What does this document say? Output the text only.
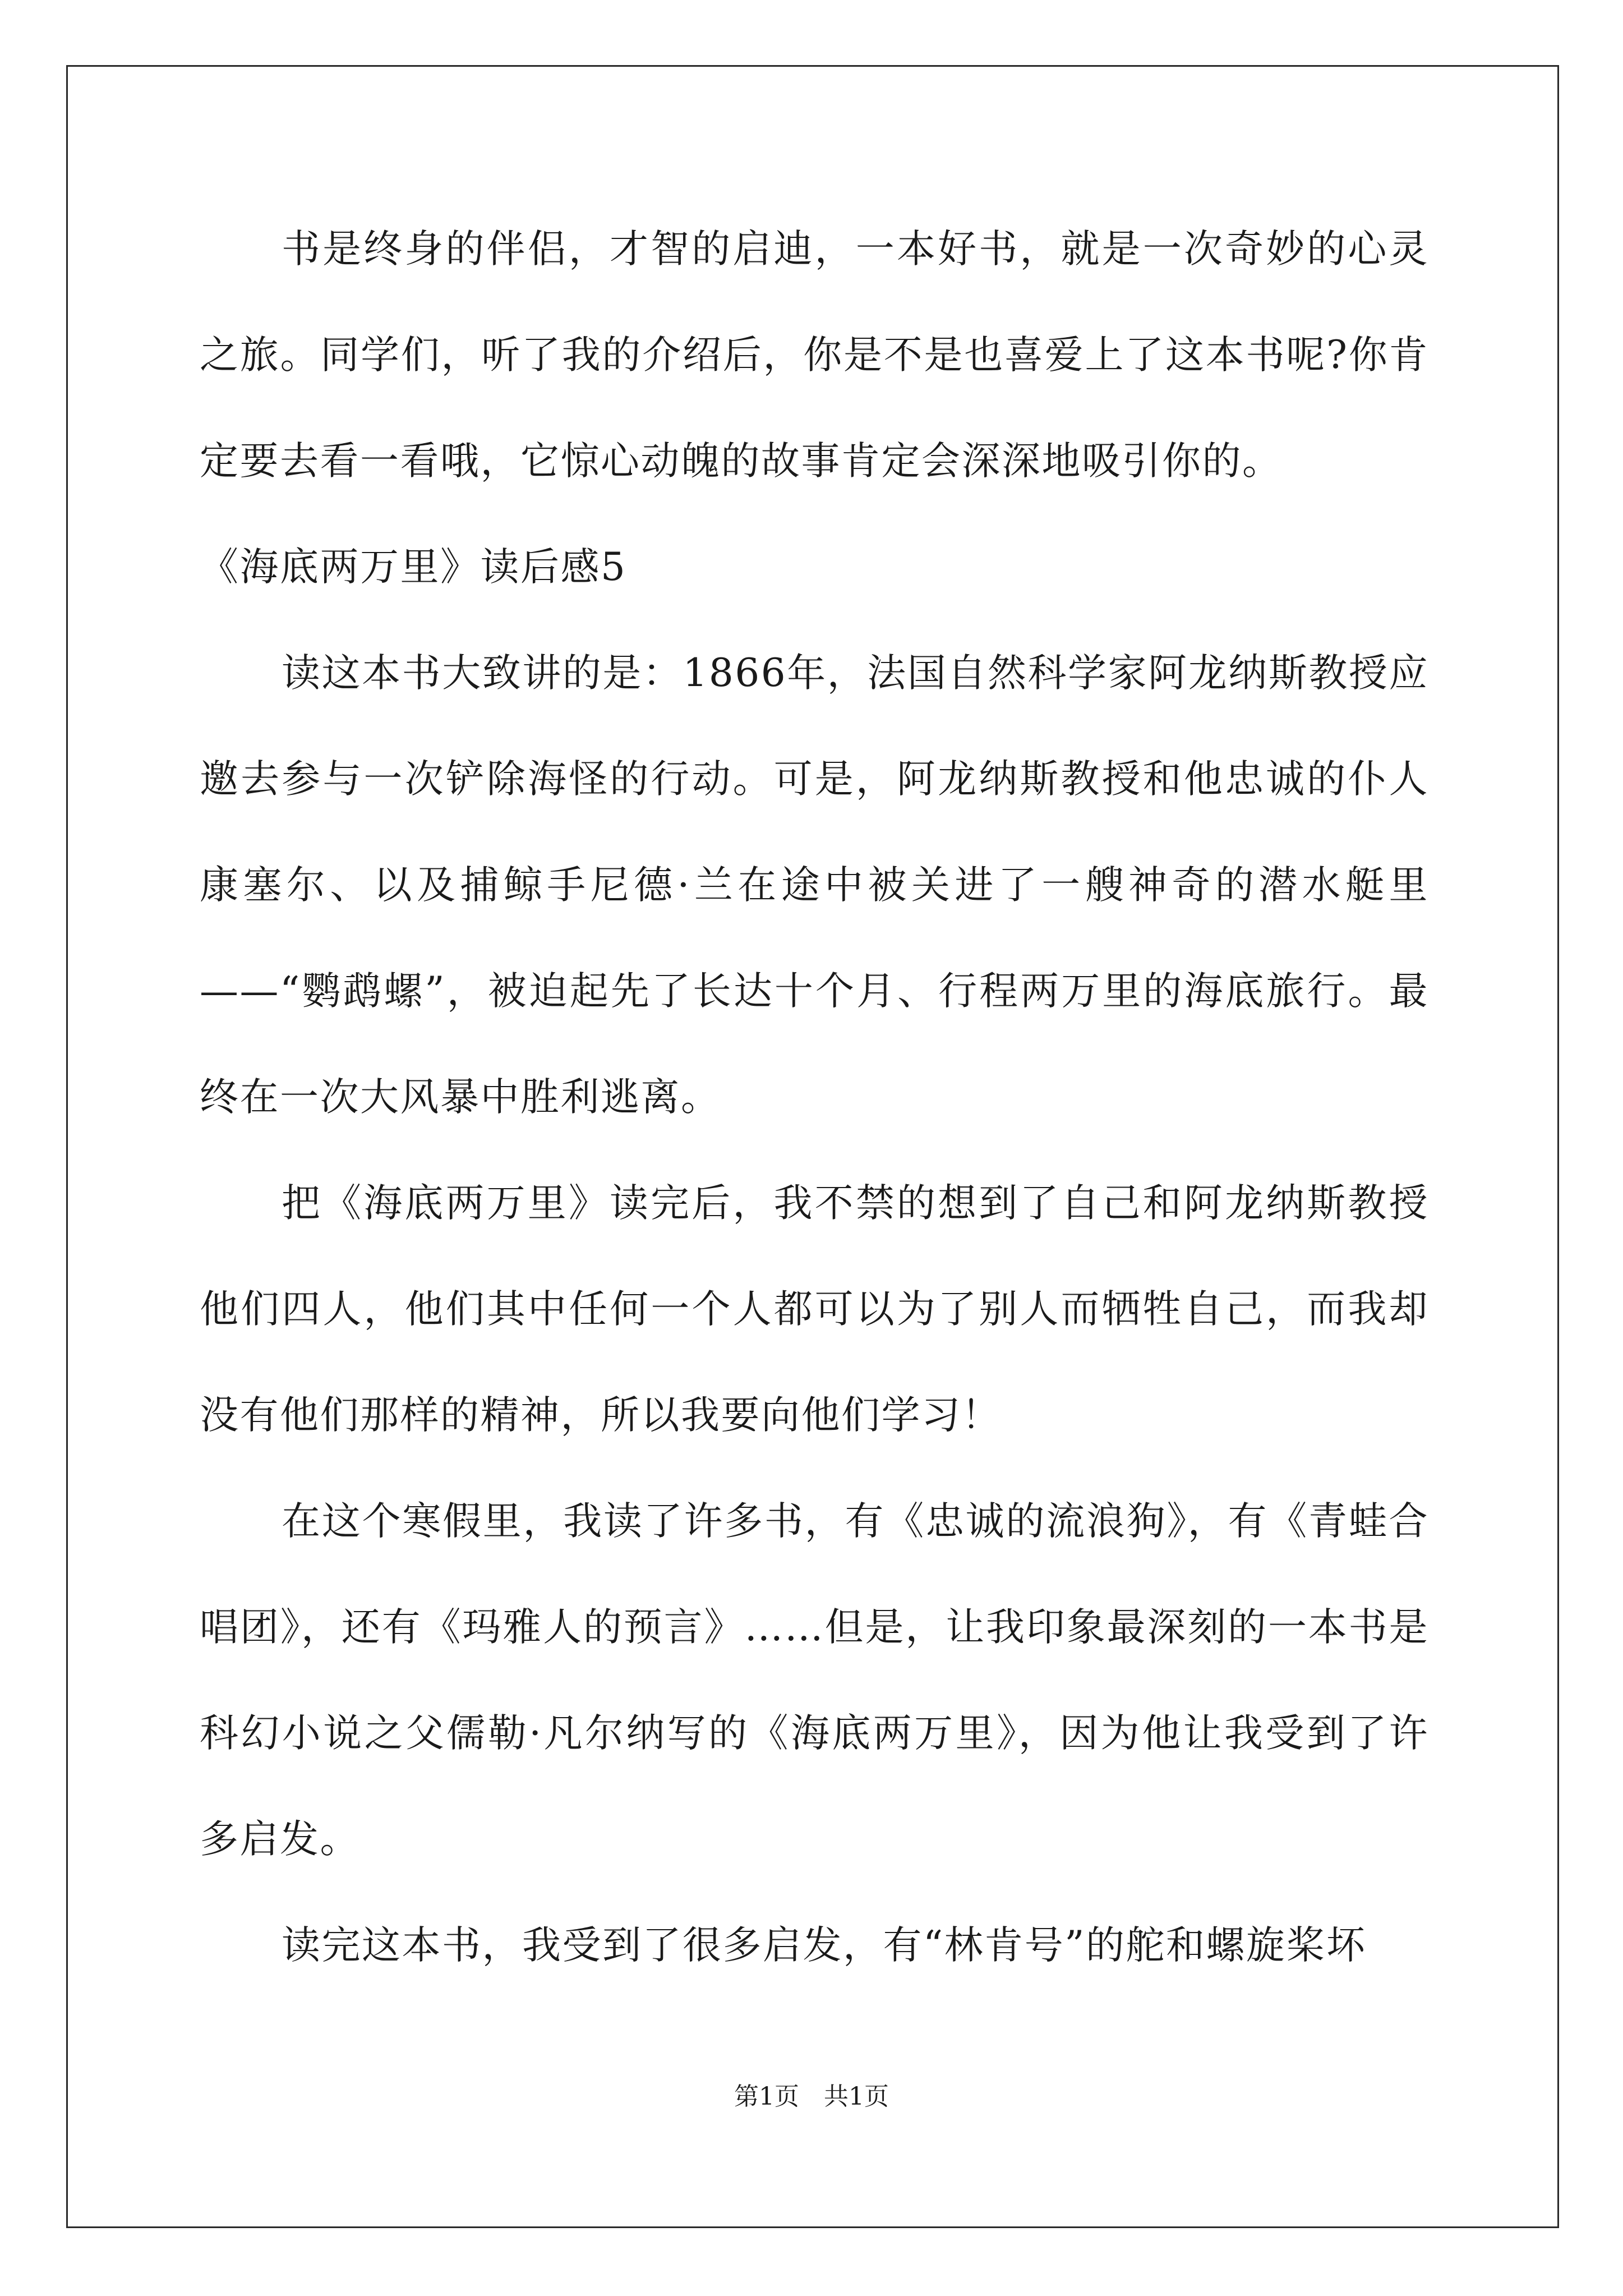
书是终身的伴侣，才智的启迪，一本好书，就是一次奇妙的心灵之旅。同学们，听了我的介绍后，你是不是也喜爱上了这本书呢?你肯定要去看一看哦，它惊心动魄的故事肯定会深深地吸引你的。

《海底两万里》读后感5

读这本书大致讲的是：1866年，法国自然科学家阿龙纳斯教授应邀去参与一次铲除海怪的行动。可是，阿龙纳斯教授和他忠诚的仆人康塞尔、以及捕鲸手尼德·兰在途中被关进了一艘神奇的潜水艇里——“鹦鹉螺”，被迫起先了长达十个月、行程两万里的海底旅行。最终在一次大风暴中胜利逃离。

把《海底两万里》读完后，我不禁的想到了自己和阿龙纳斯教授他们四人，他们其中任何一个人都可以为了别人而牺牲自己，而我却没有他们那样的精神，所以我要向他们学习！

在这个寒假里，我读了许多书，有《忠诚的流浪狗》，有《青蛙合唱团》，还有《玛雅人的预言》……但是，让我印象最深刻的一本书是科幻小说之父儒勒·凡尔纳写的《海底两万里》，因为他让我受到了许多启发。

读完这本书，我受到了很多启发，有“林肯号”的舵和螺旋桨坏

第1页　共1页
